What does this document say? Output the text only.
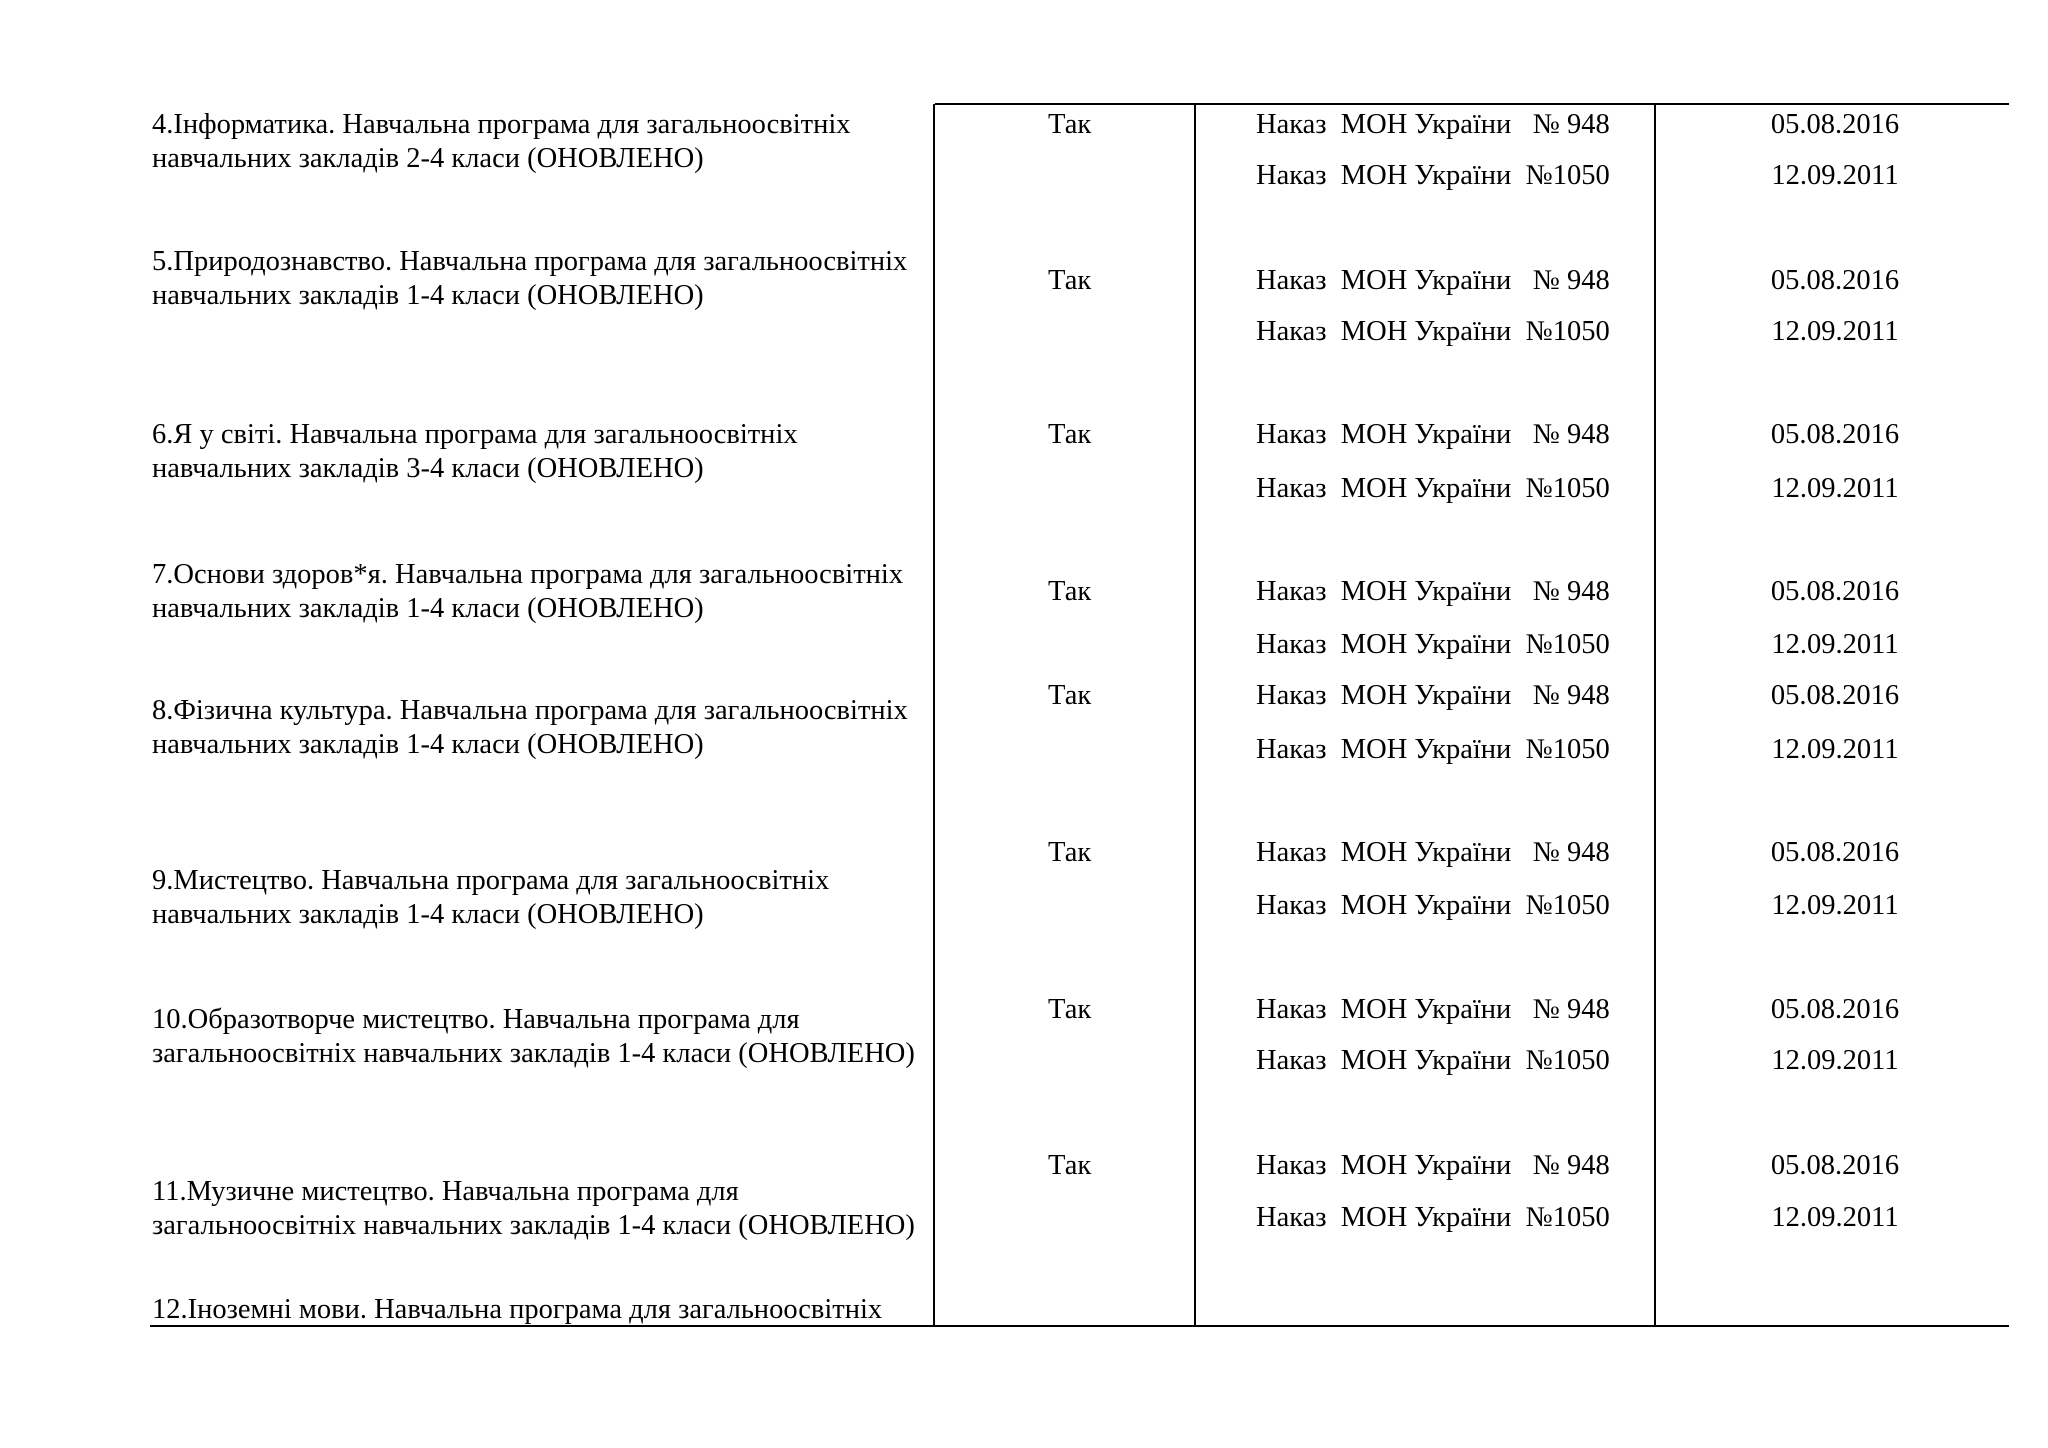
4.Інформатика. Навчальна програма для загальноосвітніх навчальних закладів 2-4 класи (ОНОВЛЕНО)
Так	Наказ  МОН України   № 948	05.08.2016
Наказ  МОН України  №1050	12.09.2011
5.Природознавство. Навчальна програма для загальноосвітніх навчальних закладів 1-4 класи (ОНОВЛЕНО)	Так	Наказ  МОН України   № 948	05.08.2016
Наказ  МОН України  №1050	12.09.2011
6.Я у світі. Навчальна програма для загальноосвітніх навчальних закладів 3-4 класи (ОНОВЛЕНО)
Так	Наказ  МОН України   № 948	05.08.2016
Наказ  МОН України  №1050	12.09.2011
7.Основи здоров*я. Навчальна програма для загальноосвітніх навчальних закладів 1-4 класи (ОНОВЛЕНО)
Так	Наказ  МОН України   № 948	05.08.2016
Наказ  МОН України  №1050	12.09.2011
8.Фізична культура. Навчальна програма для загальноосвітніх навчальних закладів 1-4 класи (ОНОВЛЕНО)
Так	Наказ  МОН України   № 948	05.08.2016
Наказ  МОН України  №1050	12.09.2011
9.Мистецтво. Навчальна програма для загальноосвітніх навчальних закладів 1-4 класи (ОНОВЛЕНО)
Так	Наказ  МОН України   № 948	05.08.2016
Наказ  МОН України  №1050	12.09.2011
10.Образотворче мистецтво. Навчальна програма для загальноосвітніх навчальних закладів 1-4 класи (ОНОВЛЕНО)
Так	Наказ  МОН України   № 948	05.08.2016
Наказ  МОН України  №1050	12.09.2011
11.Музичне мистецтво. Навчальна програма для загальноосвітніх навчальних закладів 1-4 класи (ОНОВЛЕНО)
Так	Наказ  МОН України   № 948	05.08.2016
Наказ  МОН України  №1050	12.09.2011
12.Іноземні мови. Навчальна програма для загальноосвітніх
